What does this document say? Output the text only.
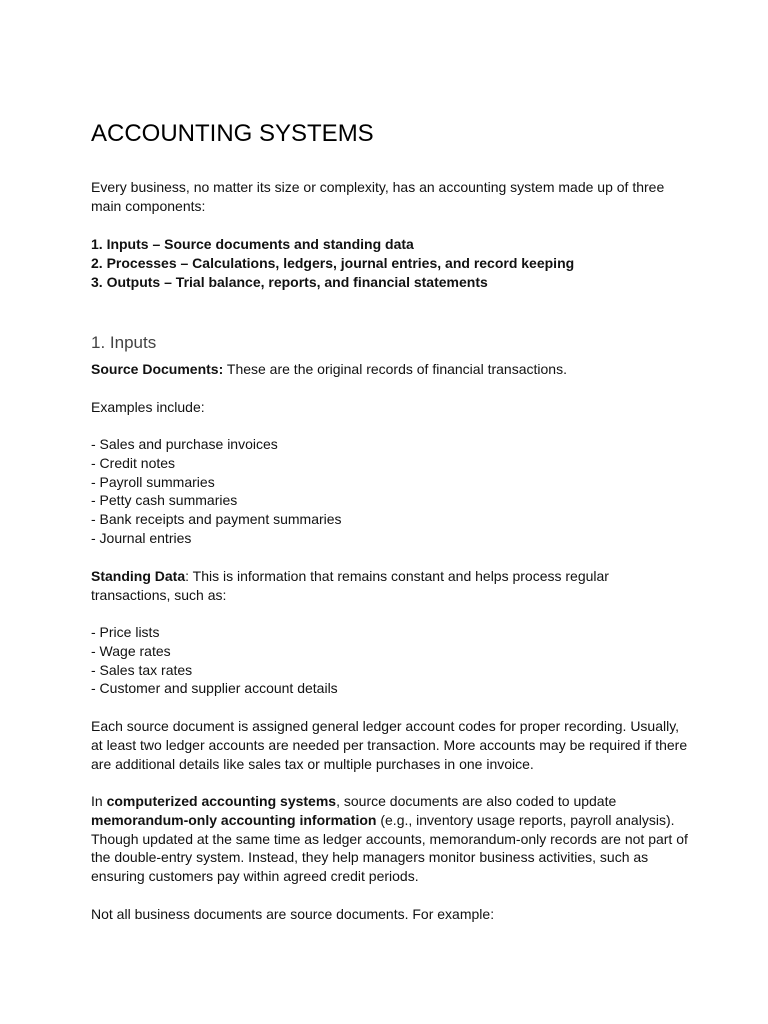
ACCOUNTING SYSTEMS

Every business, no matter its size or complexity, has an accounting system made up of three main components:

1. Inputs – Source documents and standing data
2. Processes – Calculations, ledgers, journal entries, and record keeping
3. Outputs – Trial balance, reports, and financial statements
1. Inputs

Source Documents: These are the original records of financial transactions.

Examples include:

- Sales and purchase invoices
- Credit notes
- Payroll summaries
- Petty cash summaries
- Bank receipts and payment summaries
- Journal entries

Standing Data: This is information that remains constant and helps process regular transactions, such as:

- Price lists
- Wage rates
- Sales tax rates
- Customer and supplier account details

Each source document is assigned general ledger account codes for proper recording. Usually, at least two ledger accounts are needed per transaction. More accounts may be required if there are additional details like sales tax or multiple purchases in one invoice.

In computerized accounting systems, source documents are also coded to update memorandum-only accounting information (e.g., inventory usage reports, payroll analysis). Though updated at the same time as ledger accounts, memorandum-only records are not part of the double-entry system. Instead, they help managers monitor business activities, such as ensuring customers pay within agreed credit periods.

Not all business documents are source documents. For example:
